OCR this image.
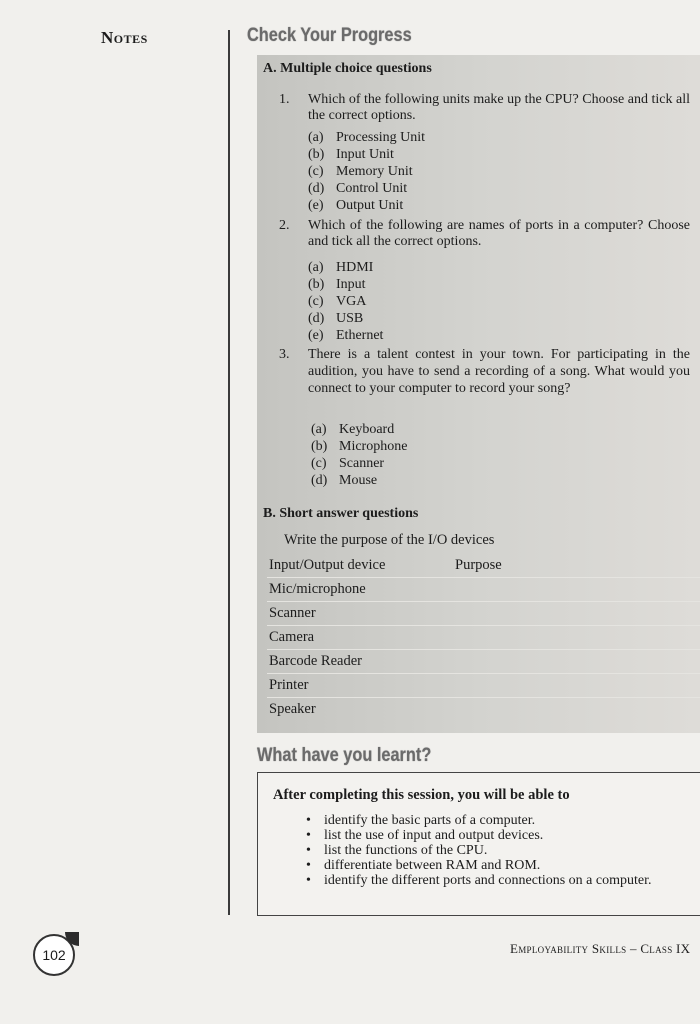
Notes	Check Your Progress
A. Multiple choice questions
1. Which of the following units make up the CPU? Choose and tick all the correct options.
(a) Processing Unit
(b) Input Unit
(c) Memory Unit
(d) Control Unit
(e) Output Unit
2. Which of the following are names of ports in a computer? Choose and tick all the correct options.
(a) HDMI
(b) Input
(c) VGA
(d) USB
(e) Ethernet
3. There is a talent contest in your town. For participating in the audition, you have to send a recording of a song. What would you connect to your computer to record your song?
(a) Keyboard
(b) Microphone
(c) Scanner
(d) Mouse
B. Short answer questions
Write the purpose of the I/O devices
Input/Output device	Purpose
Mic/microphone
Scanner
Camera
Barcode Reader
Printer
Speaker
What have you learnt?
After completing this session, you will be able to
• identify the basic parts of a computer.
• list the use of input and output devices.
• list the functions of the CPU.
• differentiate between RAM and ROM.
• identify the different ports and connections on a computer.
102	Employability Skills – Class IX
